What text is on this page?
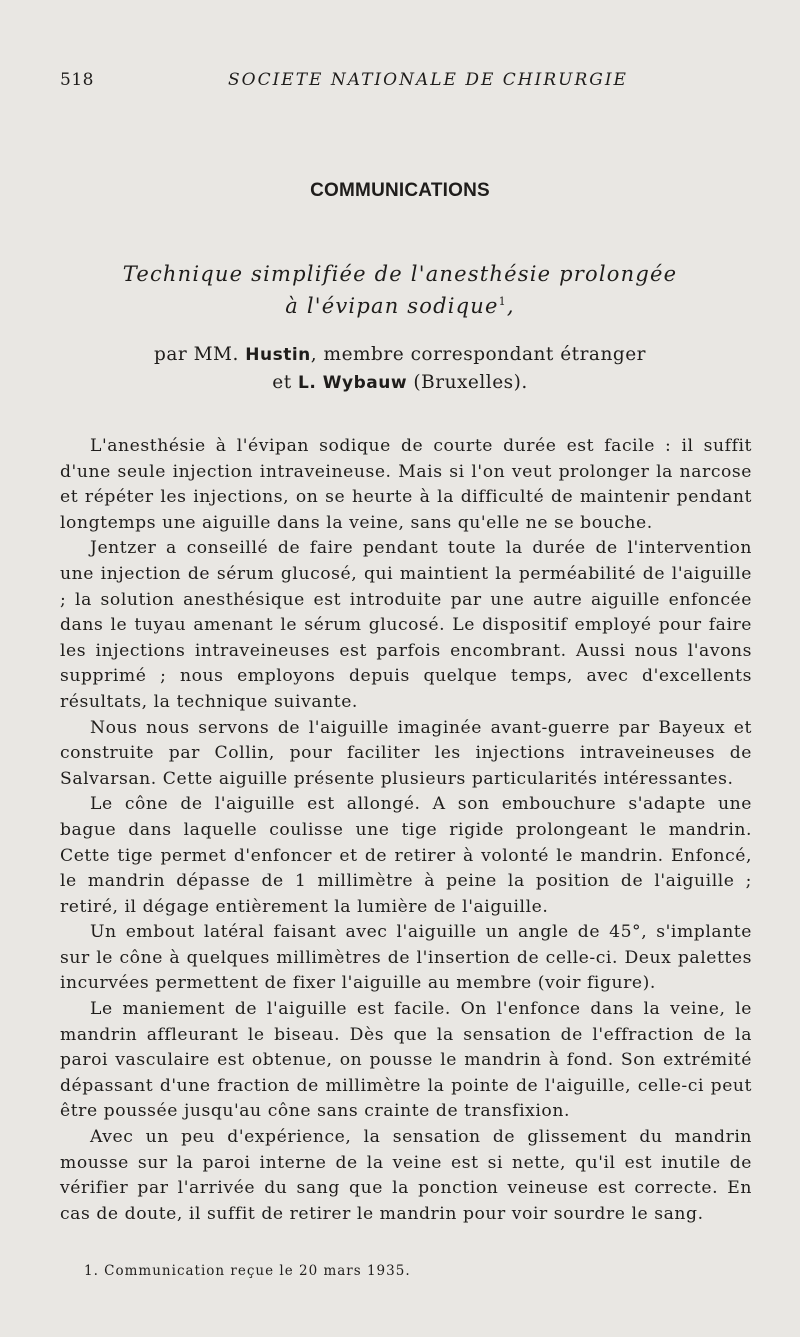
518	SOCIETE NATIONALE DE CHIRURGIE
COMMUNICATIONS
Technique simplifiée de l'anesthésie prolongée
à l'évipan sodique$^1$,
par MM. Hustin, membre correspondant étranger
et L. Wybauw (Bruxelles).

L'anesthésie à l'évipan sodique de courte durée est facile : il suffit d'une seule injection intraveineuse. Mais si l'on veut prolonger la narcose et répéter les injections, on se heurte à la difficulté de maintenir pendant longtemps une aiguille dans la veine, sans qu'elle ne se bouche.

Jentzer a conseillé de faire pendant toute la durée de l'intervention une injection de sérum glucosé, qui maintient la perméabilité de l'aiguille ; la solution anesthésique est introduite par une autre aiguille enfoncée dans le tuyau amenant le sérum glucosé. Le dispositif employé pour faire les injections intraveineuses est parfois encombrant. Aussi nous l'avons supprimé ; nous employons depuis quelque temps, avec d'excellents résultats, la technique suivante.

Nous nous servons de l'aiguille imaginée avant-guerre par Bayeux et construite par Collin, pour faciliter les injections intraveineuses de Salvarsan. Cette aiguille présente plusieurs particularités intéressantes.

Le cône de l'aiguille est allongé. A son embouchure s'adapte une bague dans laquelle coulisse une tige rigide prolongeant le mandrin. Cette tige permet d'enfoncer et de retirer à volonté le mandrin. Enfoncé, le mandrin dépasse de 1 millimètre à peine la position de l'aiguille ; retiré, il dégage entièrement la lumière de l'aiguille.

Un embout latéral faisant avec l'aiguille un angle de 45°, s'implante sur le cône à quelques millimètres de l'insertion de celle-ci. Deux palettes incurvées permettent de fixer l'aiguille au membre (voir figure).

Le maniement de l'aiguille est facile. On l'enfonce dans la veine, le mandrin affleurant le biseau. Dès que la sensation de l'effraction de la paroi vasculaire est obtenue, on pousse le mandrin à fond. Son extrémité dépassant d'une fraction de millimètre la pointe de l'aiguille, celle-ci peut être poussée jusqu'au cône sans crainte de transfixion.

Avec un peu d'expérience, la sensation de glissement du mandrin mousse sur la paroi interne de la veine est si nette, qu'il est inutile de vérifier par l'arrivée du sang que la ponction veineuse est correcte. En cas de doute, il suffit de retirer le mandrin pour voir sourdre le sang.

1. Communication reçue le 20 mars 1935.
